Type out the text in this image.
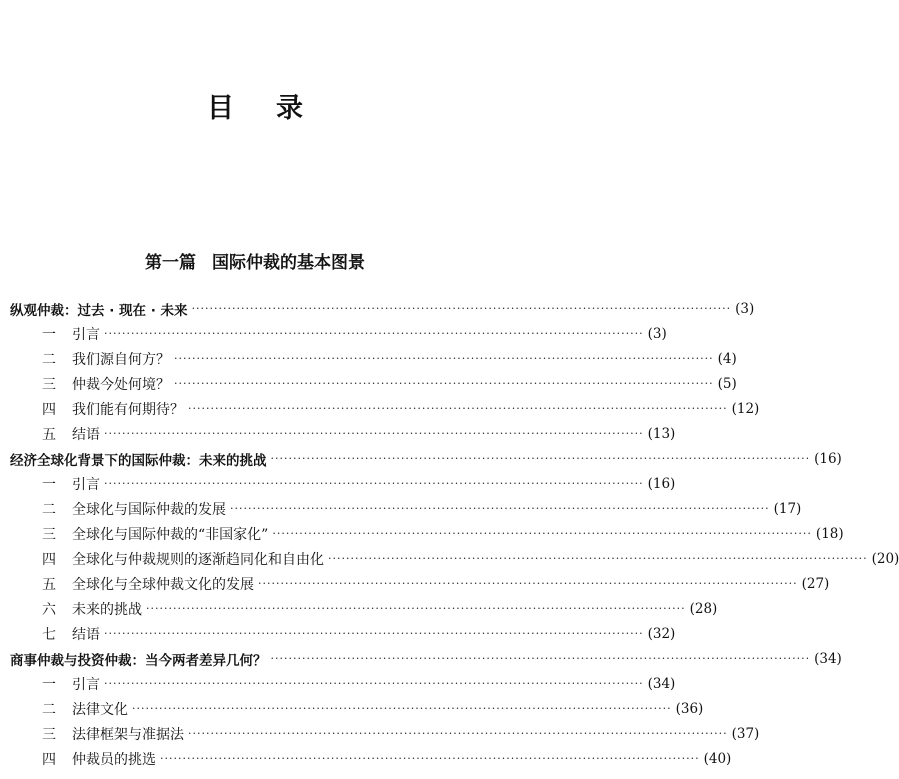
目 录
第一篇 国际仲裁的基本图景
纵观仲裁：过去 · 现在 · 未来 ························································································································ (3)
一	引言 ························································································································ (3)
二	我们源自何方？ ························································································································ (4)
三	仲裁今处何境？ ························································································································ (5)
四	我们能有何期待？ ························································································································ (12)
五	结语 ························································································································ (13)
经济全球化背景下的国际仲裁：未来的挑战 ························································································································ (16)
一	引言 ························································································································ (16)
二	全球化与国际仲裁的发展 ························································································································ (17)
三	全球化与国际仲裁的“非国家化” ························································································································ (18)
四	全球化与仲裁规则的逐渐趋同化和自由化 ························································································································ (20)
五	全球化与全球仲裁文化的发展 ························································································································ (27)
六	未来的挑战 ························································································································ (28)
七	结语 ························································································································ (32)
商事仲裁与投资仲裁：当今两者差异几何？ ························································································································ (34)
一	引言 ························································································································ (34)
二	法律文化 ························································································································ (36)
三	法律框架与准据法 ························································································································ (37)
四	仲裁员的挑选 ························································································································ (40)
